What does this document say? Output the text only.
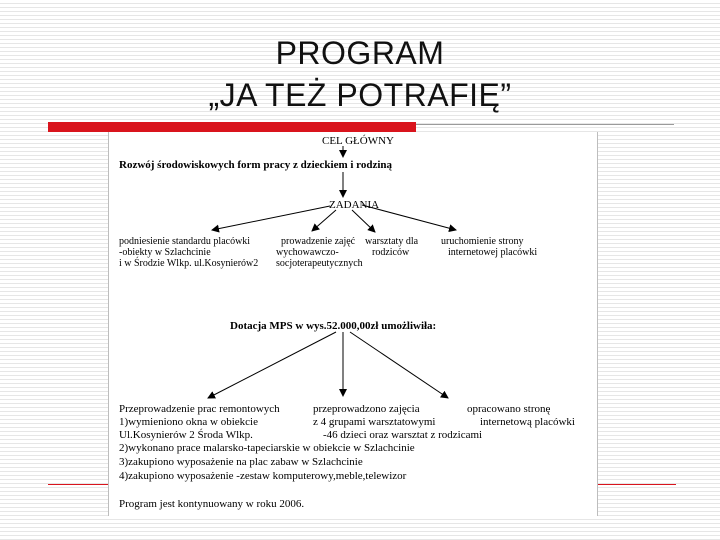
PROGRAM
„JA TEŻ POTRAFIĘ”
CEL GŁÓWNY
Rozwój środowiskowych form pracy z dzieckiem i rodziną
ZADANIA
podniesienie standardu placówki
-obiekty w Szlachcinie
i w Środzie Wlkp. ul.Kosynierów2
prowadzenie zajęć
wychowawczo-
socjoterapeutycznych
warsztaty dla
rodziców
uruchomienie strony
internetowej placówki
Dotacja MPS w wys.52.000,00zł umożliwiła:
Przeprowadzenie prac remontowych	przeprowadzono zajęcia	opracowano stronę
1)wymieniono okna w obiekcie	z 4 grupami warsztatowymi	internetową placówki
Ul.Kosynierów 2 Środa Wlkp.	-46 dzieci oraz warsztat z rodzicami
2)wykonano prace malarsko-tapeciarskie w obiekcie w Szlachcinie
3)zakupiono wyposażenie na plac zabaw w Szlachcinie
4)zakupiono wyposażenie -zestaw komputerowy,meble,telewizor
Program jest kontynuowany w roku 2006.
